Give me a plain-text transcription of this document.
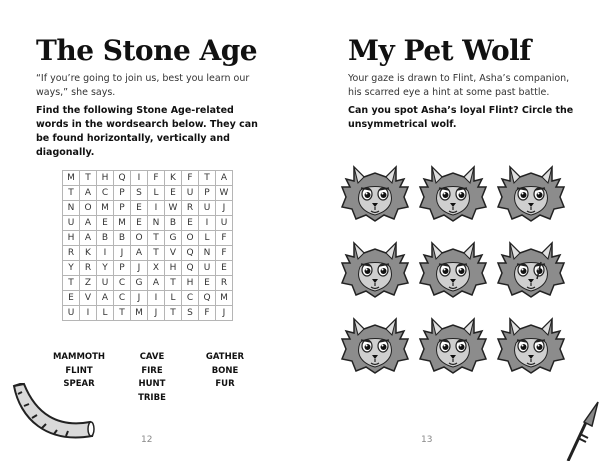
The Stone Age
“If you’re going to join us, best you learn our ways,” she says.
Find the following Stone Age-related words in the wordsearch below. They can be found horizontally, vertically and diagonally.
M	T	H	Q	I	F	K	F	T	A
T	A	C	P	S	L	E	U	P	W
N	O	M	P	E	I	W	R	U	J
U	A	E	M	E	N	B	E	I	U
H	A	B	B	O	T	G	O	L	F
R	K	I	J	A	T	V	Q	N	F
Y	R	Y	P	J	X	H	Q	U	E
T	Z	U	C	G	A	T	H	E	R
E	V	A	C	J	I	L	C	Q	M
U	I	L	T	M	J	T	S	F	J
MAMMOTH
FLINT
SPEAR
CAVE
FIRE
HUNT
TRIBE
GATHER
BONE
FUR
12
My Pet Wolf
Your gaze is drawn to Flint, Asha’s companion, his scarred eye a hint at some past battle.
Can you spot Asha’s loyal Flint? Circle the unsymmetrical wolf.
13
